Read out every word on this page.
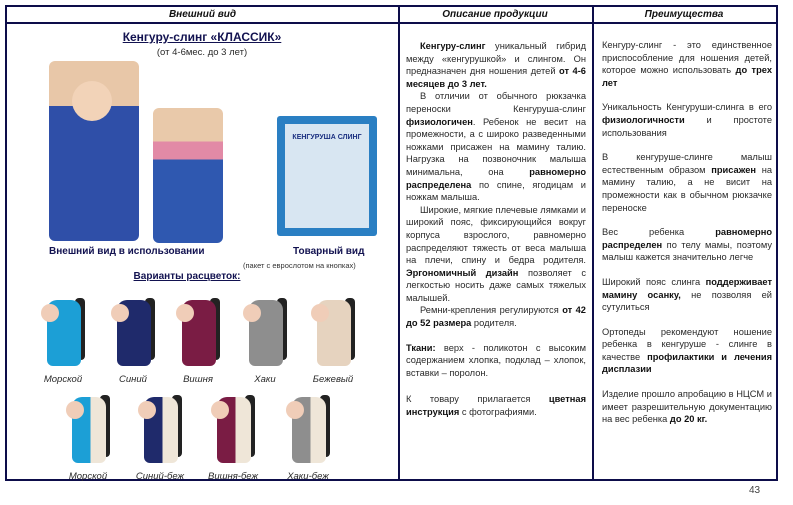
Внешний вид	Описание продукции	Преимущества
Кенгуру-слинг «КЛАССИК»
(от 4-6мес. до 3 лет)
КЕНГУРУША СЛИНГ
Внешний вид в использовании	Товарный вид
(пакет с еврослотом на кнопках)
Варианты расцветок:
Морской	Синий	Вишня	Хаки	Бежевый
Морской	Синий-беж	Вишня-беж	Хаки-беж

Кенгуру-слинг уникальный гибрид между «кенгурушкой» и слингом. Он предназначен дня ношения детей от 4-6 месяцев до 3 лет.

В отличии от обычного рюкзачка переноски Кенгуруша-слинг физиологичен. Ребенок не весит на промежности, а с широко разведенными ножками присажен на мамину талию. Нагрузка на позвоночник малыша минимальна, она равномерно распределена по спине, ягодицам и ножкам малыша.

Широкие, мягкие плечевые лямками и широкий пояс, фиксирующийся вокруг корпуса взрослого, равномерно распределяют тяжесть от веса малыша на плечи, спину и бедра родителя. Эргономичный дизайн позволяет с легкостью носить даже самых тяжелых малышей.

Ремни-крепления регулируются от 42 до 52 размера родителя.

Ткани: верх - поликотон с высоким содержанием хлопка, подклад – хлопок, вставки – поролон.

К товару прилагается цветная инструкция с фотографиями.

Кенгуру-слинг - это единственное приспособление для ношения детей, которое можно использовать до трех лет

Уникальность Кенгуруши-слинга в его физиологичности и простоте использования

В кенгуруше-слинге малыш естественным образом присажен на мамину талию, а не висит на промежности как в обычном рюкзачке переноске

Вес ребенка равномерно распределен по телу мамы, поэтому малыш кажется значительно легче

Широкий пояс слинга поддерживает мамину осанку, не позволяя ей сутулиться

Ортопеды рекомендуют ношение ребенка в кенгуруше - слинге в качестве профилактики и лечения дисплазии

Изделие прошло апробацию в НЦСМ и имеет разрешительную документацию на вес ребенка до 20 кг.

43
